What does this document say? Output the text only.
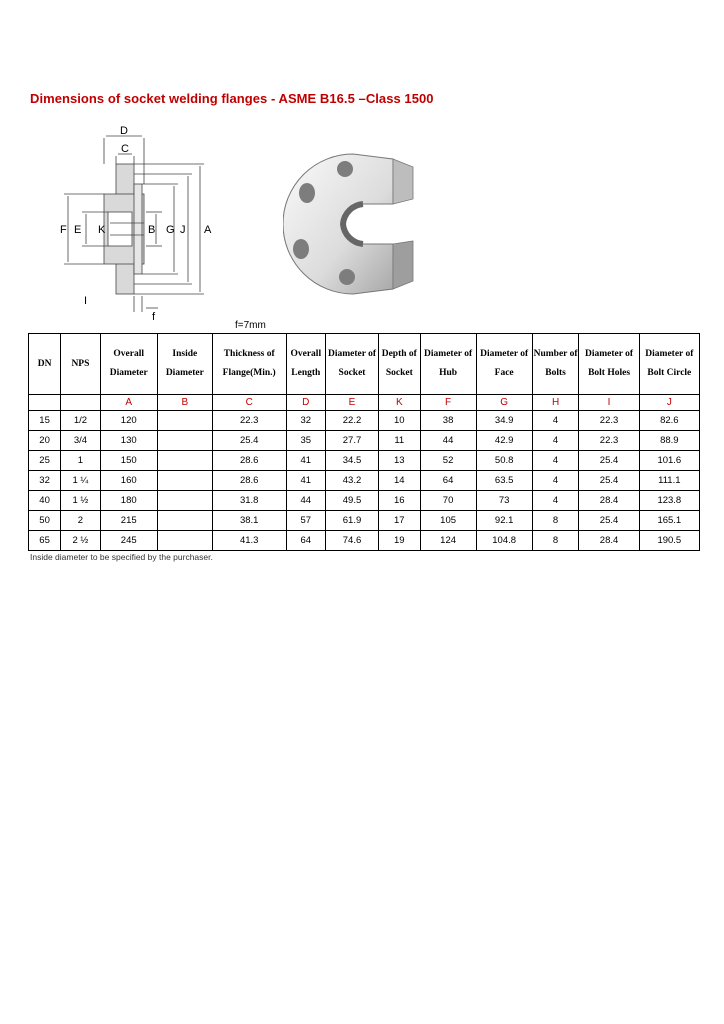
Dimensions of socket welding flanges - ASME B16.5 –Class 1500
D
C
F E K	B G J A
I
f

f=7mm

DN	NPS	Overall Diameter	Inside Diameter	Thickness of Flange(Min.)	Overall Length	Diameter of Socket	Depth of Socket	Diameter of Hub	Diameter of Face	Number of Bolts	Diameter of Bolt Holes	Diameter of Bolt Circle
		A	B	C	D	E	K	F	G	H	I	J
15	1/2	120		22.3	32	22.2	10	38	34.9	4	22.3	82.6
20	3/4	130		25.4	35	27.7	11	44	42.9	4	22.3	88.9
25	1	150		28.6	41	34.5	13	52	50.8	4	25.4	101.6
32	1 ¼	160		28.6	41	43.2	14	64	63.5	4	25.4	111.1
40	1 ½	180		31.8	44	49.5	16	70	73	4	28.4	123.8
50	2	215		38.1	57	61.9	17	105	92.1	8	25.4	165.1
65	2 ½	245		41.3	64	74.6	19	124	104.8	8	28.4	190.5

Inside diameter to be specified by the purchaser.
